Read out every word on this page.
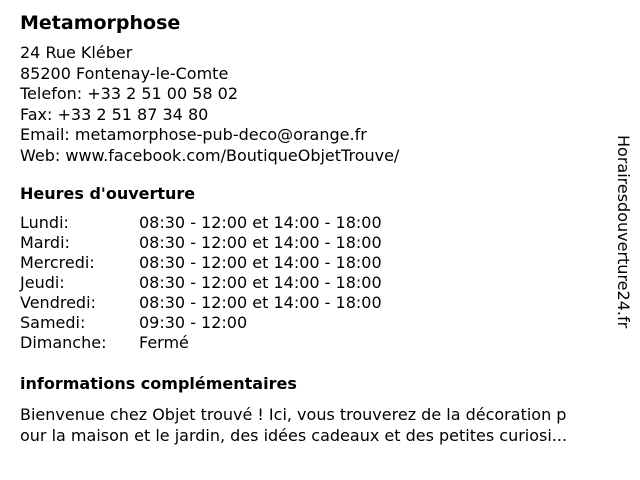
Metamorphose
24 Rue Kléber
85200 Fontenay-le-Comte
Telefon: +33 2 51 00 58 02
Fax: +33 2 51 87 34 80
Email: metamorphose-pub-deco@orange.fr
Web: www.facebook.com/BoutiqueObjetTrouve/
Heures d'ouverture
Lundi:	08:30 - 12:00 et 14:00 - 18:00
Mardi:	08:30 - 12:00 et 14:00 - 18:00
Mercredi:	08:30 - 12:00 et 14:00 - 18:00
Jeudi:	08:30 - 12:00 et 14:00 - 18:00
Vendredi:	08:30 - 12:00 et 14:00 - 18:00
Samedi:	09:30 - 12:00
Dimanche: Fermé
informations complémentaires
Bienvenue chez Objet trouvé ! Ici, vous trouverez de la décoration p
our la maison et le jardin, des idées cadeaux et des petites curiosi...
Horairesdouverture24.fr
